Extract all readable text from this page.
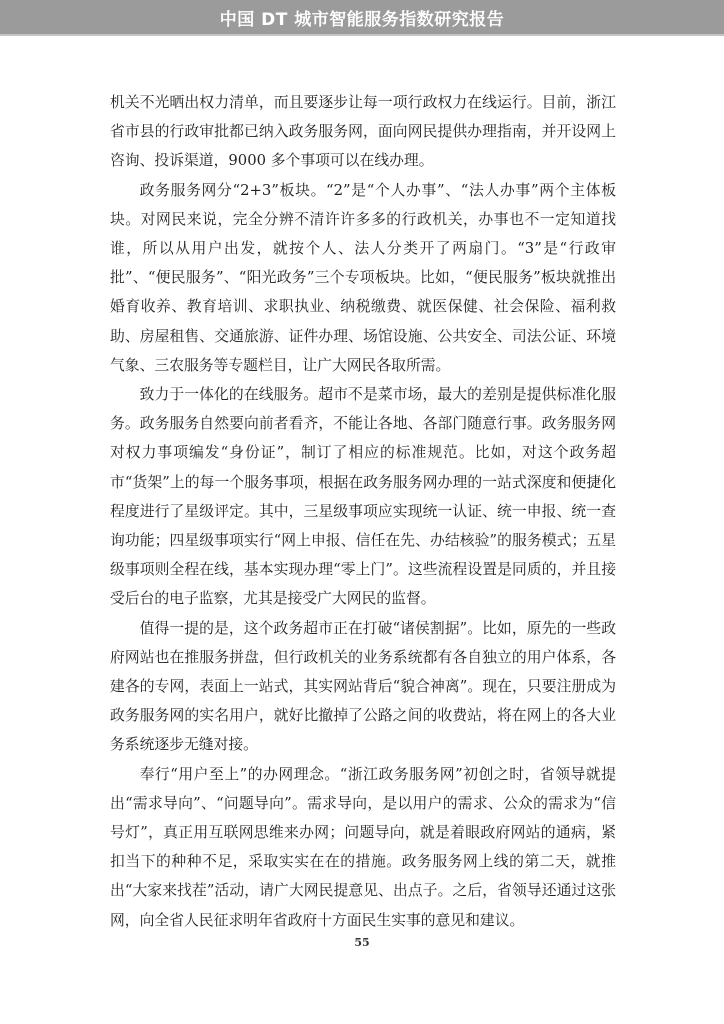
中国 DT 城市智能服务指数研究报告

机关不光晒出权力清单，而且要逐步让每一项行政权力在线运行。目前，浙江省市县的行政审批都已纳入政务服务网，面向网民提供办理指南，并开设网上咨询、投诉渠道，9000 多个事项可以在线办理。

政务服务网分“2+3”板块。“2”是“个人办事”、“法人办事”两个主体板块。对网民来说，完全分辨不清许许多多的行政机关，办事也不一定知道找谁，所以从用户出发，就按个人、法人分类开了两扇门。“3”是“行政审批”、“便民服务”、“阳光政务”三个专项板块。比如，“便民服务”板块就推出婚育收养、教育培训、求职执业、纳税缴费、就医保健、社会保险、福利救助、房屋租售、交通旅游、证件办理、场馆设施、公共安全、司法公证、环境气象、三农服务等专题栏目，让广大网民各取所需。

致力于一体化的在线服务。超市不是菜市场，最大的差别是提供标准化服务。政务服务自然要向前者看齐，不能让各地、各部门随意行事。政务服务网对权力事项编发“身份证”，制订了相应的标准规范。比如，对这个政务超市“货架”上的每一个服务事项，根据在政务服务网办理的一站式深度和便捷化程度进行了星级评定。其中，三星级事项应实现统一认证、统一申报、统一查询功能；四星级事项实行“网上申报、信任在先、办结核验”的服务模式；五星级事项则全程在线，基本实现办理“零上门”。这些流程设置是同质的，并且接受后台的电子监察，尤其是接受广大网民的监督。

值得一提的是，这个政务超市正在打破“诸侯割据”。比如，原先的一些政府网站也在推服务拼盘，但行政机关的业务系统都有各自独立的用户体系，各建各的专网，表面上一站式，其实网站背后“貌合神离”。现在，只要注册成为政务服务网的实名用户，就好比撤掉了公路之间的收费站，将在网上的各大业务系统逐步无缝对接。

奉行“用户至上”的办网理念。“浙江政务服务网”初创之时，省领导就提出“需求导向”、“问题导向”。需求导向，是以用户的需求、公众的需求为“信号灯”，真正用互联网思维来办网；问题导向，就是着眼政府网站的通病，紧扣当下的种种不足，采取实实在在的措施。政务服务网上线的第二天，就推出“大家来找茬”活动，请广大网民提意见、出点子。之后，省领导还通过这张网，向全省人民征求明年省政府十方面民生实事的意见和建议。

55
